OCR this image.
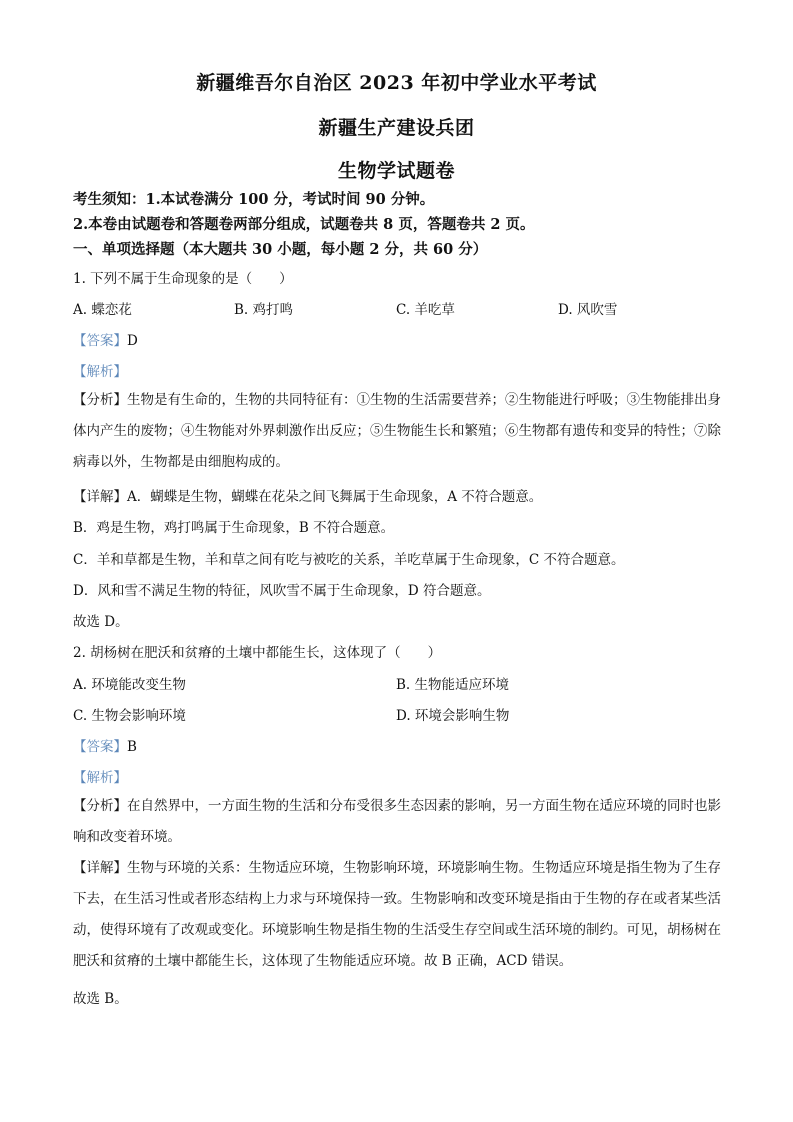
新疆维吾尔自治区 2023 年初中学业水平考试
新疆生产建设兵团
生物学试题卷
考生须知：1.本试卷满分 100 分，考试时间 90 分钟。
2.本卷由试题卷和答题卷两部分组成，试题卷共 8 页，答题卷共 2 页。
一、单项选择题（本大题共 30 小题，每小题 2 分，共 60 分）
1. 下列不属于生命现象的是（　　）
A. 蝶恋花	B. 鸡打鸣	C. 羊吃草	D. 风吹雪
【答案】D
【解析】
【分析】生物是有生命的，生物的共同特征有：①生物的生活需要营养；②生物能进行呼吸；③生物能排出身体内产生的废物；④生物能对外界刺激作出反应；⑤生物能生长和繁殖；⑥生物都有遗传和变异的特性；⑦除病毒以外，生物都是由细胞构成的。
【详解】A．蝴蝶是生物，蝴蝶在花朵之间飞舞属于生命现象，A 不符合题意。
B．鸡是生物，鸡打鸣属于生命现象，B 不符合题意。
C．羊和草都是生物，羊和草之间有吃与被吃的关系，羊吃草属于生命现象，C 不符合题意。
D．风和雪不满足生物的特征，风吹雪不属于生命现象，D 符合题意。
故选 D。
2. 胡杨树在肥沃和贫瘠的土壤中都能生长，这体现了（　　）
A. 环境能改变生物	B. 生物能适应环境
C. 生物会影响环境	D. 环境会影响生物
【答案】B
【解析】
【分析】在自然界中，一方面生物的生活和分布受很多生态因素的影响，另一方面生物在适应环境的同时也影响和改变着环境。
【详解】生物与环境的关系：生物适应环境，生物影响环境，环境影响生物。生物适应环境是指生物为了生存下去，在生活习性或者形态结构上力求与环境保持一致。生物影响和改变环境是指由于生物的存在或者某些活动，使得环境有了改观或变化。环境影响生物是指生物的生活受生存空间或生活环境的制约。可见，胡杨树在肥沃和贫瘠的土壤中都能生长，这体现了生物能适应环境。故 B 正确，ACD 错误。
故选 B。
